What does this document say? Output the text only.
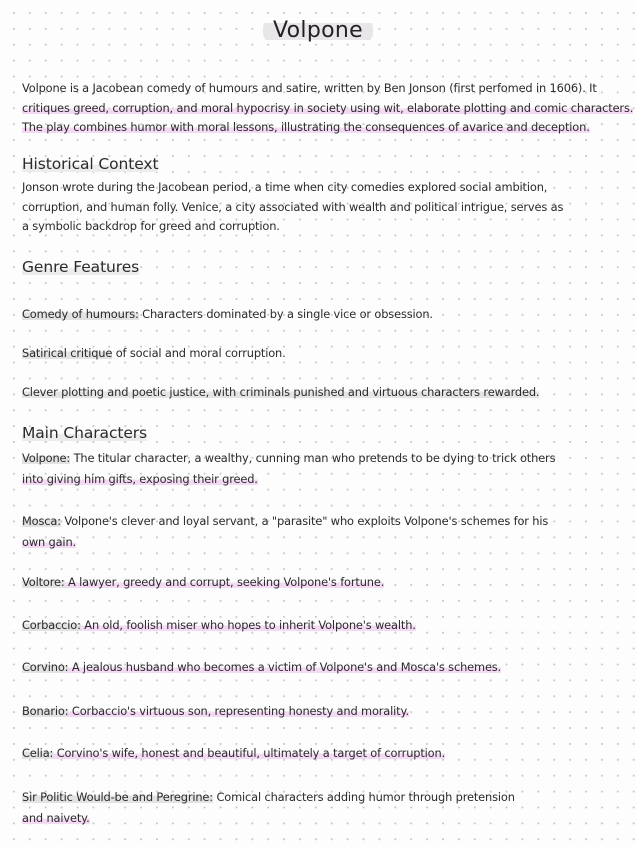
Volpone
Volpone is a Jacobean comedy of humours and satire, written by Ben Jonson (first perfomed in 1606). It
critiques greed, corruption, and moral hypocrisy in society using wit, elaborate plotting and comic characters.
The play combines humor with moral lessons, illustrating the consequences of avarice and deception.
Historical Context
Jonson wrote during the Jacobean period, a time when city comedies explored social ambition,
corruption, and human folly. Venice, a city associated with wealth and political intrigue, serves as
a symbolic backdrop for greed and corruption.
Genre Features
Comedy of humours: Characters dominated by a single vice or obsession.
Satirical critique of social and moral corruption.
Clever plotting and poetic justice, with criminals punished and virtuous characters rewarded.
Main Characters
Volpone: The titular character, a wealthy, cunning man who pretends to be dying to trick others
into giving him gifts, exposing their greed.
Mosca: Volpone's clever and loyal servant, a "parasite" who exploits Volpone's schemes for his
own gain.
Voltore: A lawyer, greedy and corrupt, seeking Volpone's fortune.
Corbaccio: An old, foolish miser who hopes to inherit Volpone's wealth.
Corvino: A jealous husband who becomes a victim of Volpone's and Mosca's schemes.
Bonario: Corbaccio's virtuous son, representing honesty and morality.
Celia: Corvino's wife, honest and beautiful, ultimately a target of corruption.
Sir Politic Would-be and Peregrine: Comical characters adding humor through pretension
and naivety.
